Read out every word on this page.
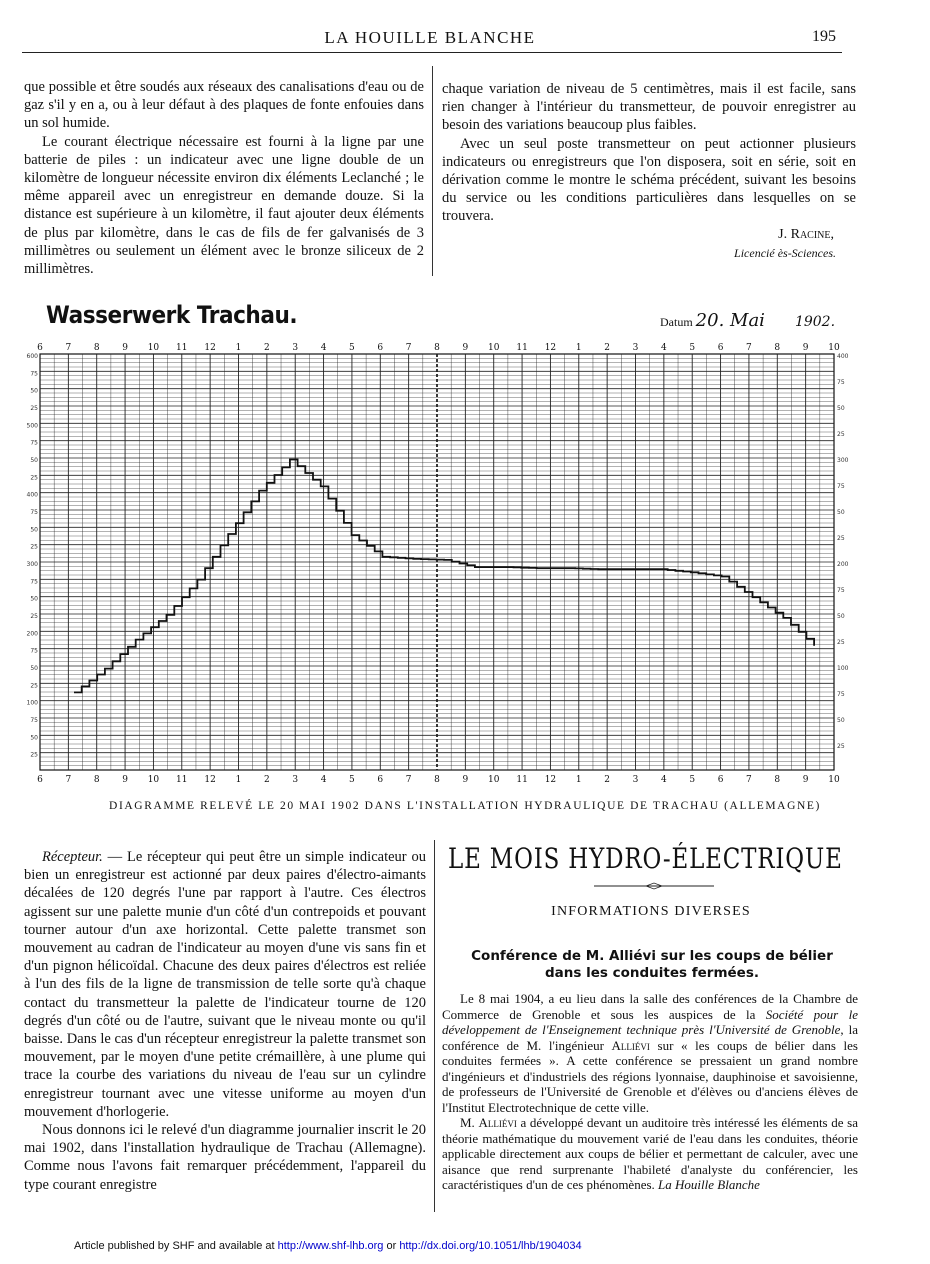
LA HOUILLE BLANCHE	195

que possible et être soudés aux réseaux des canalisations d'eau ou de gaz s'il y en a, ou à leur défaut à des plaques de fonte enfouies dans un sol humide.

Le courant électrique nécessaire est fourni à la ligne par une batterie de piles : un indicateur avec une ligne double de un kilomètre de longueur nécessite environ dix éléments Leclanché ; le même appareil avec un enregistreur en demande douze. Si la distance est supérieure à un kilomètre, il faut ajouter deux éléments de plus par kilomètre, dans le cas de fils de fer galvanisés de 3 millimètres ou seulement un élément avec le bronze siliceux de 2 millimètres.

chaque variation de niveau de 5 centimètres, mais il est facile, sans rien changer à l'intérieur du transmetteur, de pouvoir enregistrer au besoin des variations beaucoup plus faibles.

Avec un seul poste transmetteur on peut actionner plusieurs indicateurs ou enregistreurs que l'on disposera, soit en série, soit en dérivation comme le montre le schéma précédent, suivant les besoins du service ou les conditions particulières dans lesquelles on se trouvera.

J. Racine,
Licencié ès-Sciences.
Wasserwerk Trachau.	Datum 20. Mai 1902.
6
6
7
7
8
8
9
9
10
10
11
11
12
12
1
1
2
2
3
3
4
4
5
5
6
6
7
7
8
8
9
9
10
10
11
11
12
12
1
1
2
2
3
3
4
4
5
5
6
6
7
7
8
8
9
9
10
10
600
75
50
25
500
75
50
25
400
75
50
25
300
75
50
25
200
75
50
25
100
75
50
25
400
75
50
25
300
75
50
25
200
75
50
25
100
75
50
25
DIAGRAMME RELEVÉ LE 20 MAI 1902 DANS L'INSTALLATION HYDRAULIQUE DE TRACHAU (ALLEMAGNE)

Récepteur. — Le récepteur qui peut être un simple indicateur ou bien un enregistreur est actionné par deux paires d'électro-aimants décalées de 120 degrés l'une par rapport à l'autre. Ces électros agissent sur une palette munie d'un côté d'un contrepoids et pouvant tourner autour d'un axe horizontal. Cette palette transmet son mouvement au cadran de l'indicateur au moyen d'une vis sans fin et d'un pignon hélicoïdal. Chacune des deux paires d'électros est reliée à l'un des fils de la ligne de transmission de telle sorte qu'à chaque contact du transmetteur la palette de l'indicateur tourne de 120 degrés d'un côté ou de l'autre, suivant que le niveau monte ou qu'il baisse. Dans le cas d'un récepteur enregistreur la palette transmet son mouvement, par le moyen d'une petite crémaillère, à une plume qui trace la courbe des variations du niveau de l'eau sur un cylindre enregistreur tournant avec une vitesse uniforme au moyen d'un mouvement d'horlogerie.

Nous donnons ici le relevé d'un diagramme journalier inscrit le 20 mai 1902, dans l'installation hydraulique de Trachau (Allemagne). Comme nous l'avons fait remarquer précédemment, l'appareil du type courant enregistre

LE MOIS HYDRO-ÉLECTRIQUE
INFORMATIONS DIVERSES
Conférence de M. Alliévi sur les coups de bélier
dans les conduites fermées.

Le 8 mai 1904, a eu lieu dans la salle des conférences de la Chambre de Commerce de Grenoble et sous les auspices de la Société pour le développement de l'Enseignement technique près l'Université de Grenoble, la conférence de M. l'ingénieur Alliévi sur « les coups de bélier dans les conduites fermées ». A cette conférence se pressaient un grand nombre d'ingénieurs et d'industriels des régions lyonnaise, dauphinoise et savoisienne, de professeurs de l'Université de Grenoble et d'élèves ou d'anciens élèves de l'Institut Electrotechnique de cette ville.

M. Alliévi a développé devant un auditoire très intéressé les éléments de sa théorie mathématique du mouvement varié de l'eau dans les conduites, théorie applicable directement aux coups de bélier et permettant de calculer, avec une aisance que rend surprenante l'habileté d'analyste du conférencier, les caractéristiques d'un de ces phénomènes. La Houille Blanche

Article published by SHF and available at http://www.shf-lhb.org or http://dx.doi.org/10.1051/lhb/1904034
